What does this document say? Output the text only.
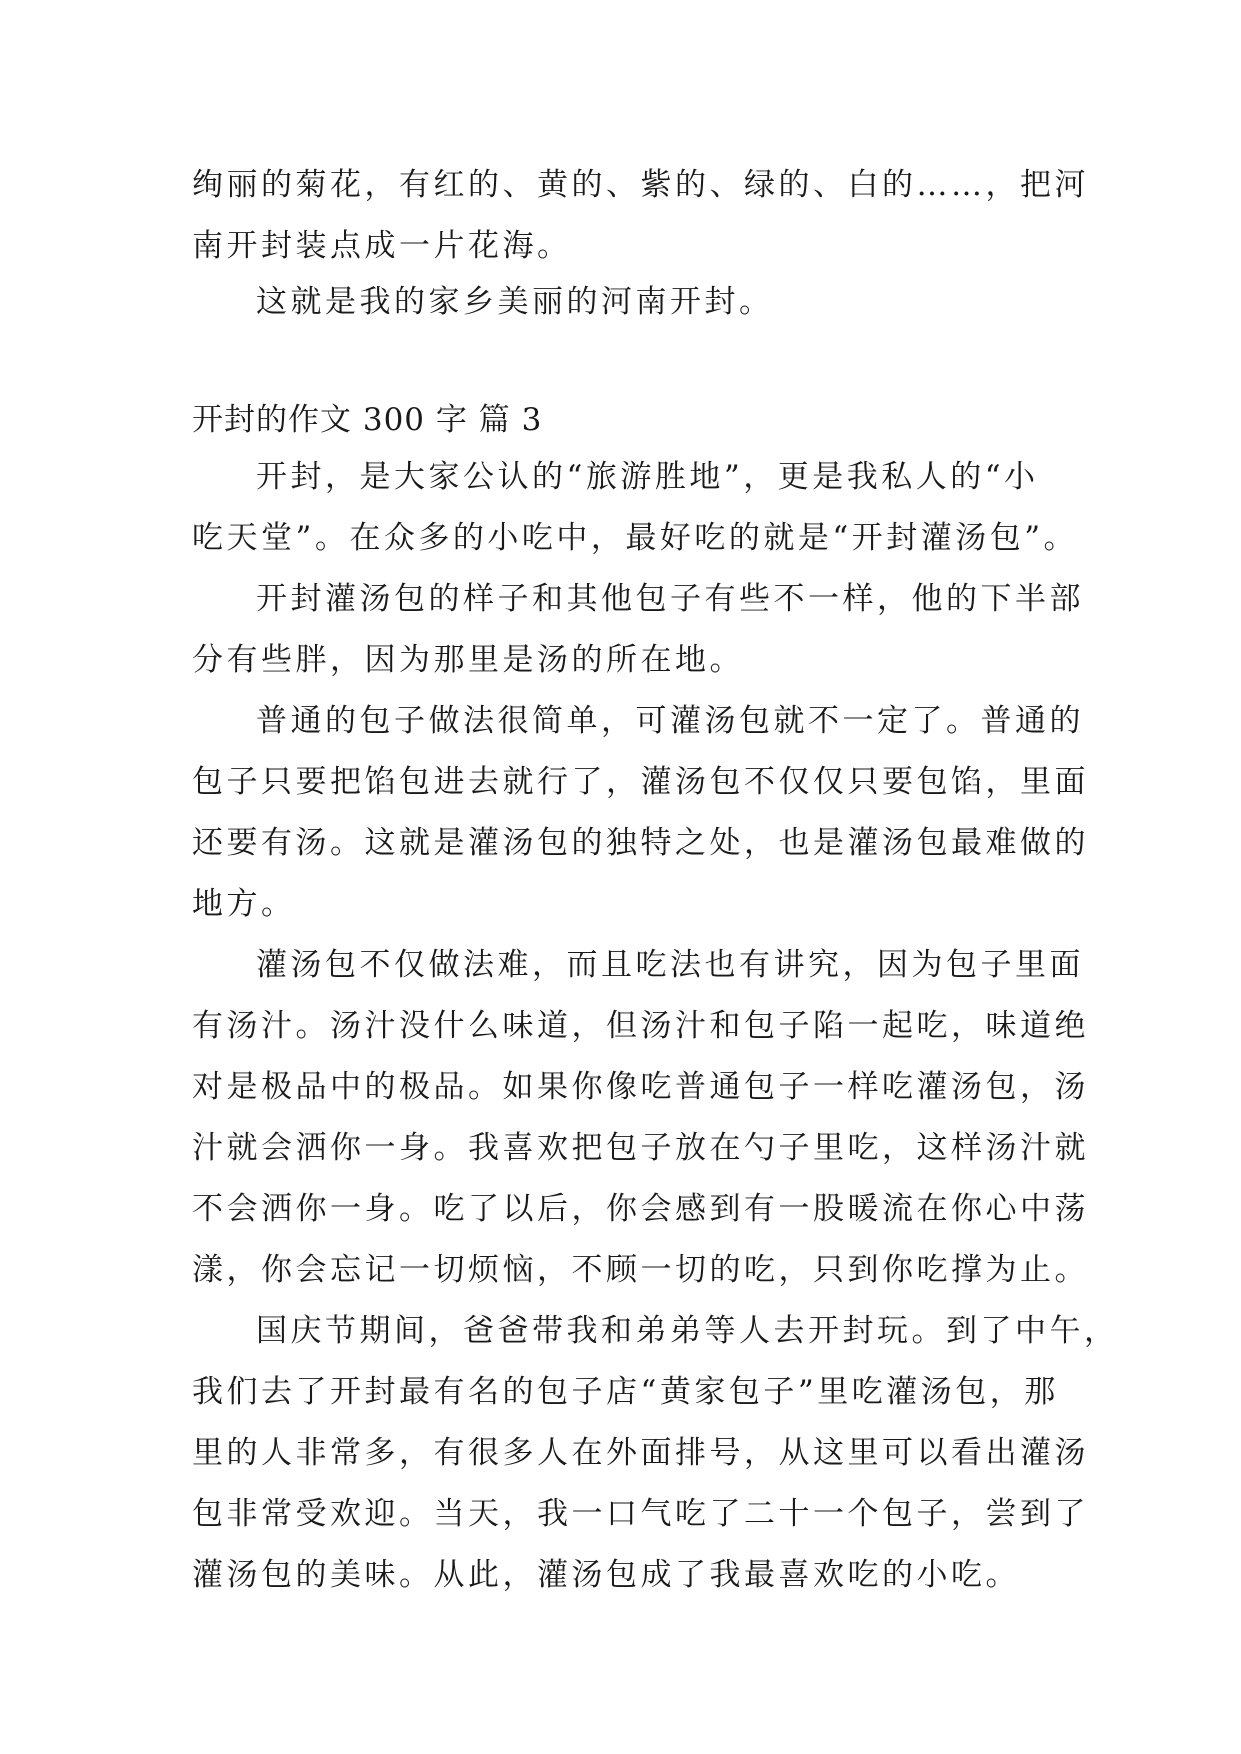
绚丽的菊花，有红的、黄的、紫的、绿的、白的……，把河
南开封装点成一片花海。
这就是我的家乡美丽的河南开封。
开封的作文 300 字 篇 3
开封，是大家公认的“旅游胜地”，更是我私人的“小
吃天堂”。在众多的小吃中，最好吃的就是“开封灌汤包”。
开封灌汤包的样子和其他包子有些不一样，他的下半部
分有些胖，因为那里是汤的所在地。
普通的包子做法很简单，可灌汤包就不一定了。普通的
包子只要把馅包进去就行了，灌汤包不仅仅只要包馅，里面
还要有汤。这就是灌汤包的独特之处，也是灌汤包最难做的
地方。
灌汤包不仅做法难，而且吃法也有讲究，因为包子里面
有汤汁。汤汁没什么味道，但汤汁和包子陷一起吃，味道绝
对是极品中的极品。如果你像吃普通包子一样吃灌汤包，汤
汁就会洒你一身。我喜欢把包子放在勺子里吃，这样汤汁就
不会洒你一身。吃了以后，你会感到有一股暖流在你心中荡
漾，你会忘记一切烦恼，不顾一切的吃，只到你吃撑为止。
国庆节期间，爸爸带我和弟弟等人去开封玩。到了中午，
我们去了开封最有名的包子店“黄家包子”里吃灌汤包，那
里的人非常多，有很多人在外面排号，从这里可以看出灌汤
包非常受欢迎。当天，我一口气吃了二十一个包子，尝到了
灌汤包的美味。从此，灌汤包成了我最喜欢吃的小吃。
